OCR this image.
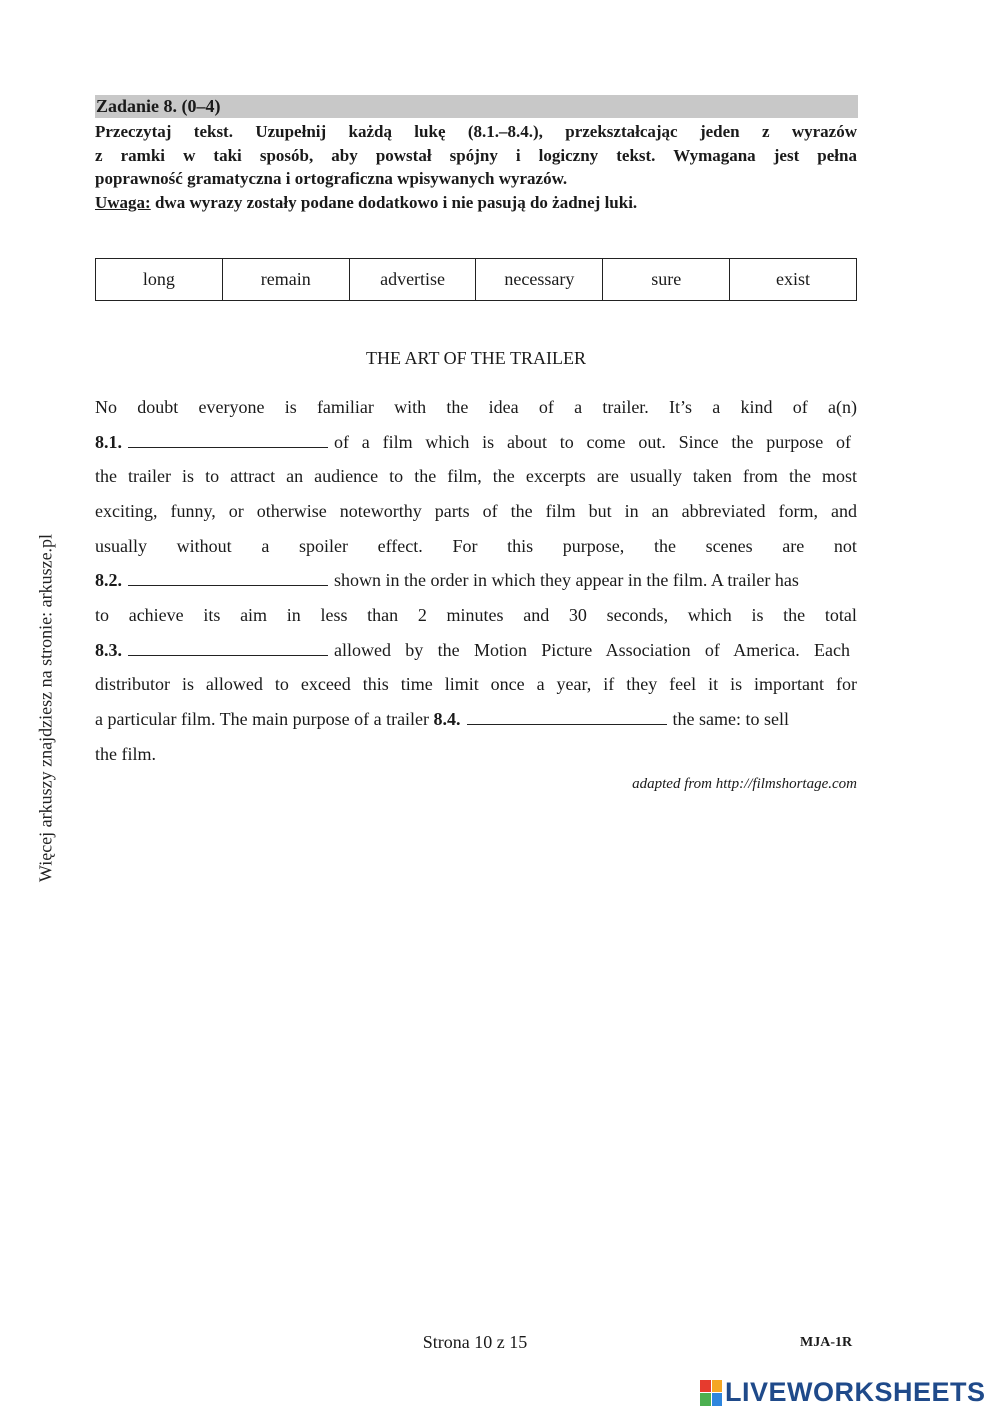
Więcej arkuszy znajdziesz na stronie: arkusze.pl
Zadanie 8. (0–4)
Przeczytaj tekst. Uzupełnij każdą lukę (8.1.–8.4.), przekształcając jeden z wyrazów
z ramki w taki sposób, aby powstał spójny i logiczny tekst. Wymagana jest pełna
poprawność gramatyczna i ortograficzna wpisywanych wyrazów.
Uwaga: dwa wyrazy zostały podane dodatkowo i nie pasują do żadnej luki.
long	remain	advertise	necessary	sure	exist
THE ART OF THE TRAILER
No doubt everyone is familiar with the idea of a trailer. It’s a kind of a(n)
8.1.	of a film which is about to come out. Since the purpose of
the trailer is to attract an audience to the film, the excerpts are usually taken from the most
exciting, funny, or otherwise noteworthy parts of the film but in an abbreviated form, and
usually without a spoiler effect. For this purpose, the scenes are not
8.2.	shown in the order in which they appear in the film. A trailer has
to achieve its aim in less than 2 minutes and 30 seconds, which is the total
8.3.	allowed by the Motion Picture Association of America. Each
distributor is allowed to exceed this time limit once a year, if they feel it is important for
a particular film. The main purpose of a trailer 8.4.	the same: to sell
the film.
adapted from http://filmshortage.com
Strona 10 z 15	MJA-1R
LIVEWORKSHEETS
